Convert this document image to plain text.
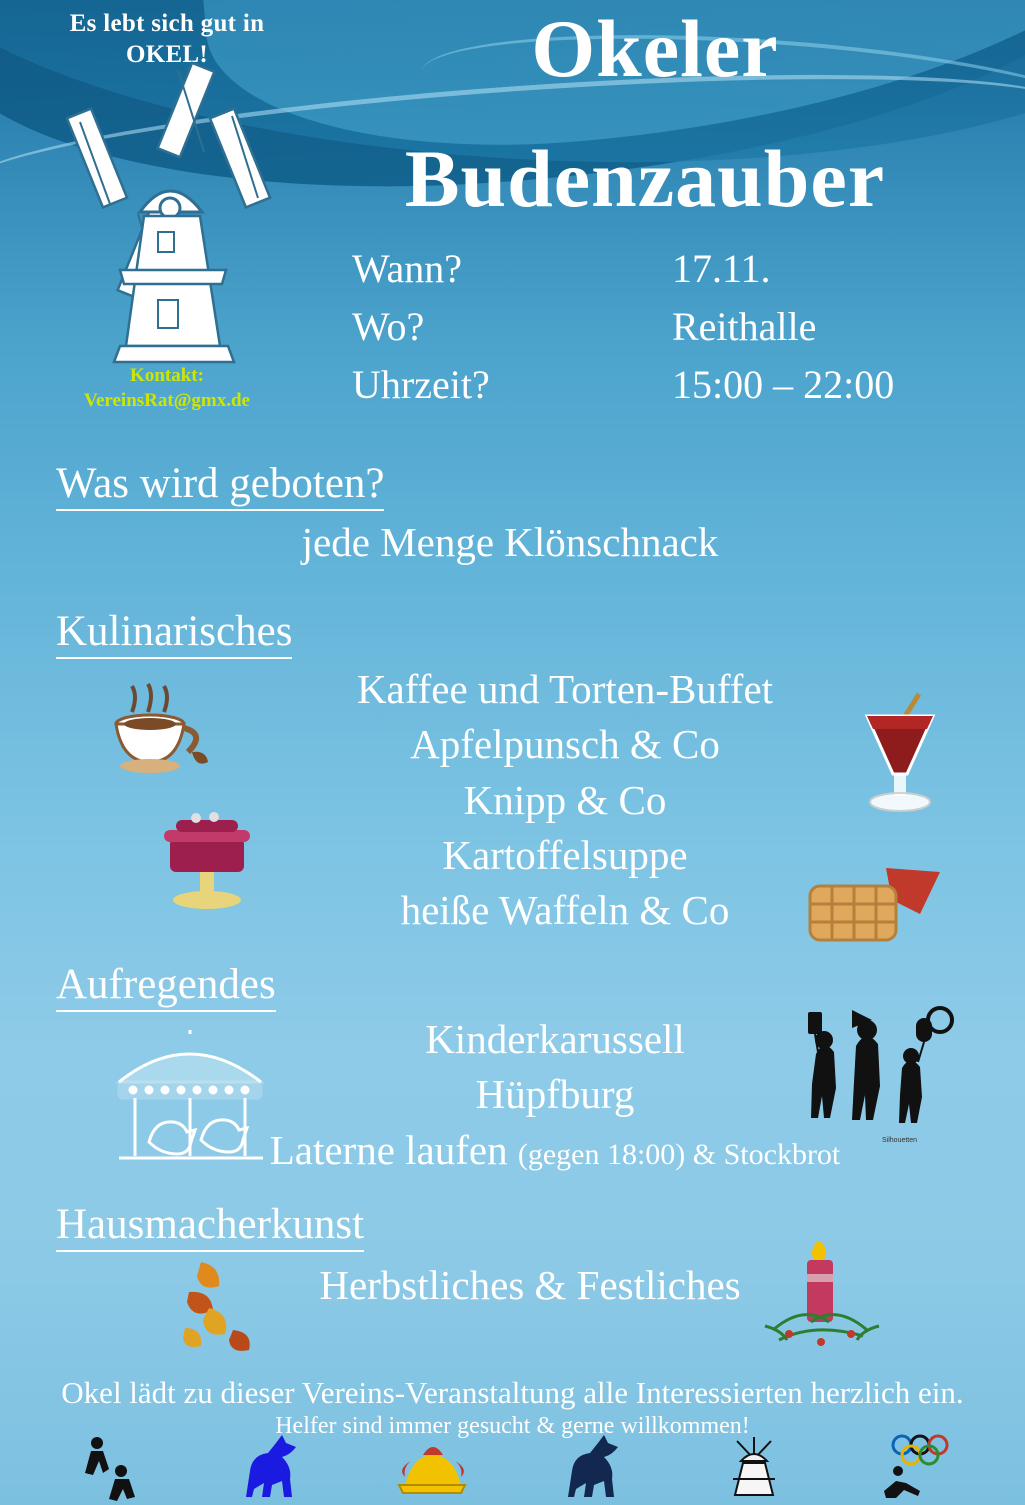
Es lebt sich gut in OKEL!
Kontakt:
VereinsRat@gmx.de
Okeler
Budenzauber
Wann?	17.11.
Wo?	Reithalle
Uhrzeit?	15:00 – 22:00
Was wird geboten?
jede Menge Klönschnack
Kulinarisches
Kaffee und Torten-Buffet
Apfelpunsch & Co
Knipp & Co
Kartoffelsuppe
heiße Waffeln & Co
Aufregendes
Kinderkarussell
Hüpfburg
Laterne laufen (gegen 18:00) & Stockbrot
Hausmacherkunst
Herbstliches & Festliches
Silhouetten
Okel lädt zu dieser Vereins-Veranstaltung alle Interessierten herzlich ein.
Helfer sind immer gesucht & gerne willkommen!
